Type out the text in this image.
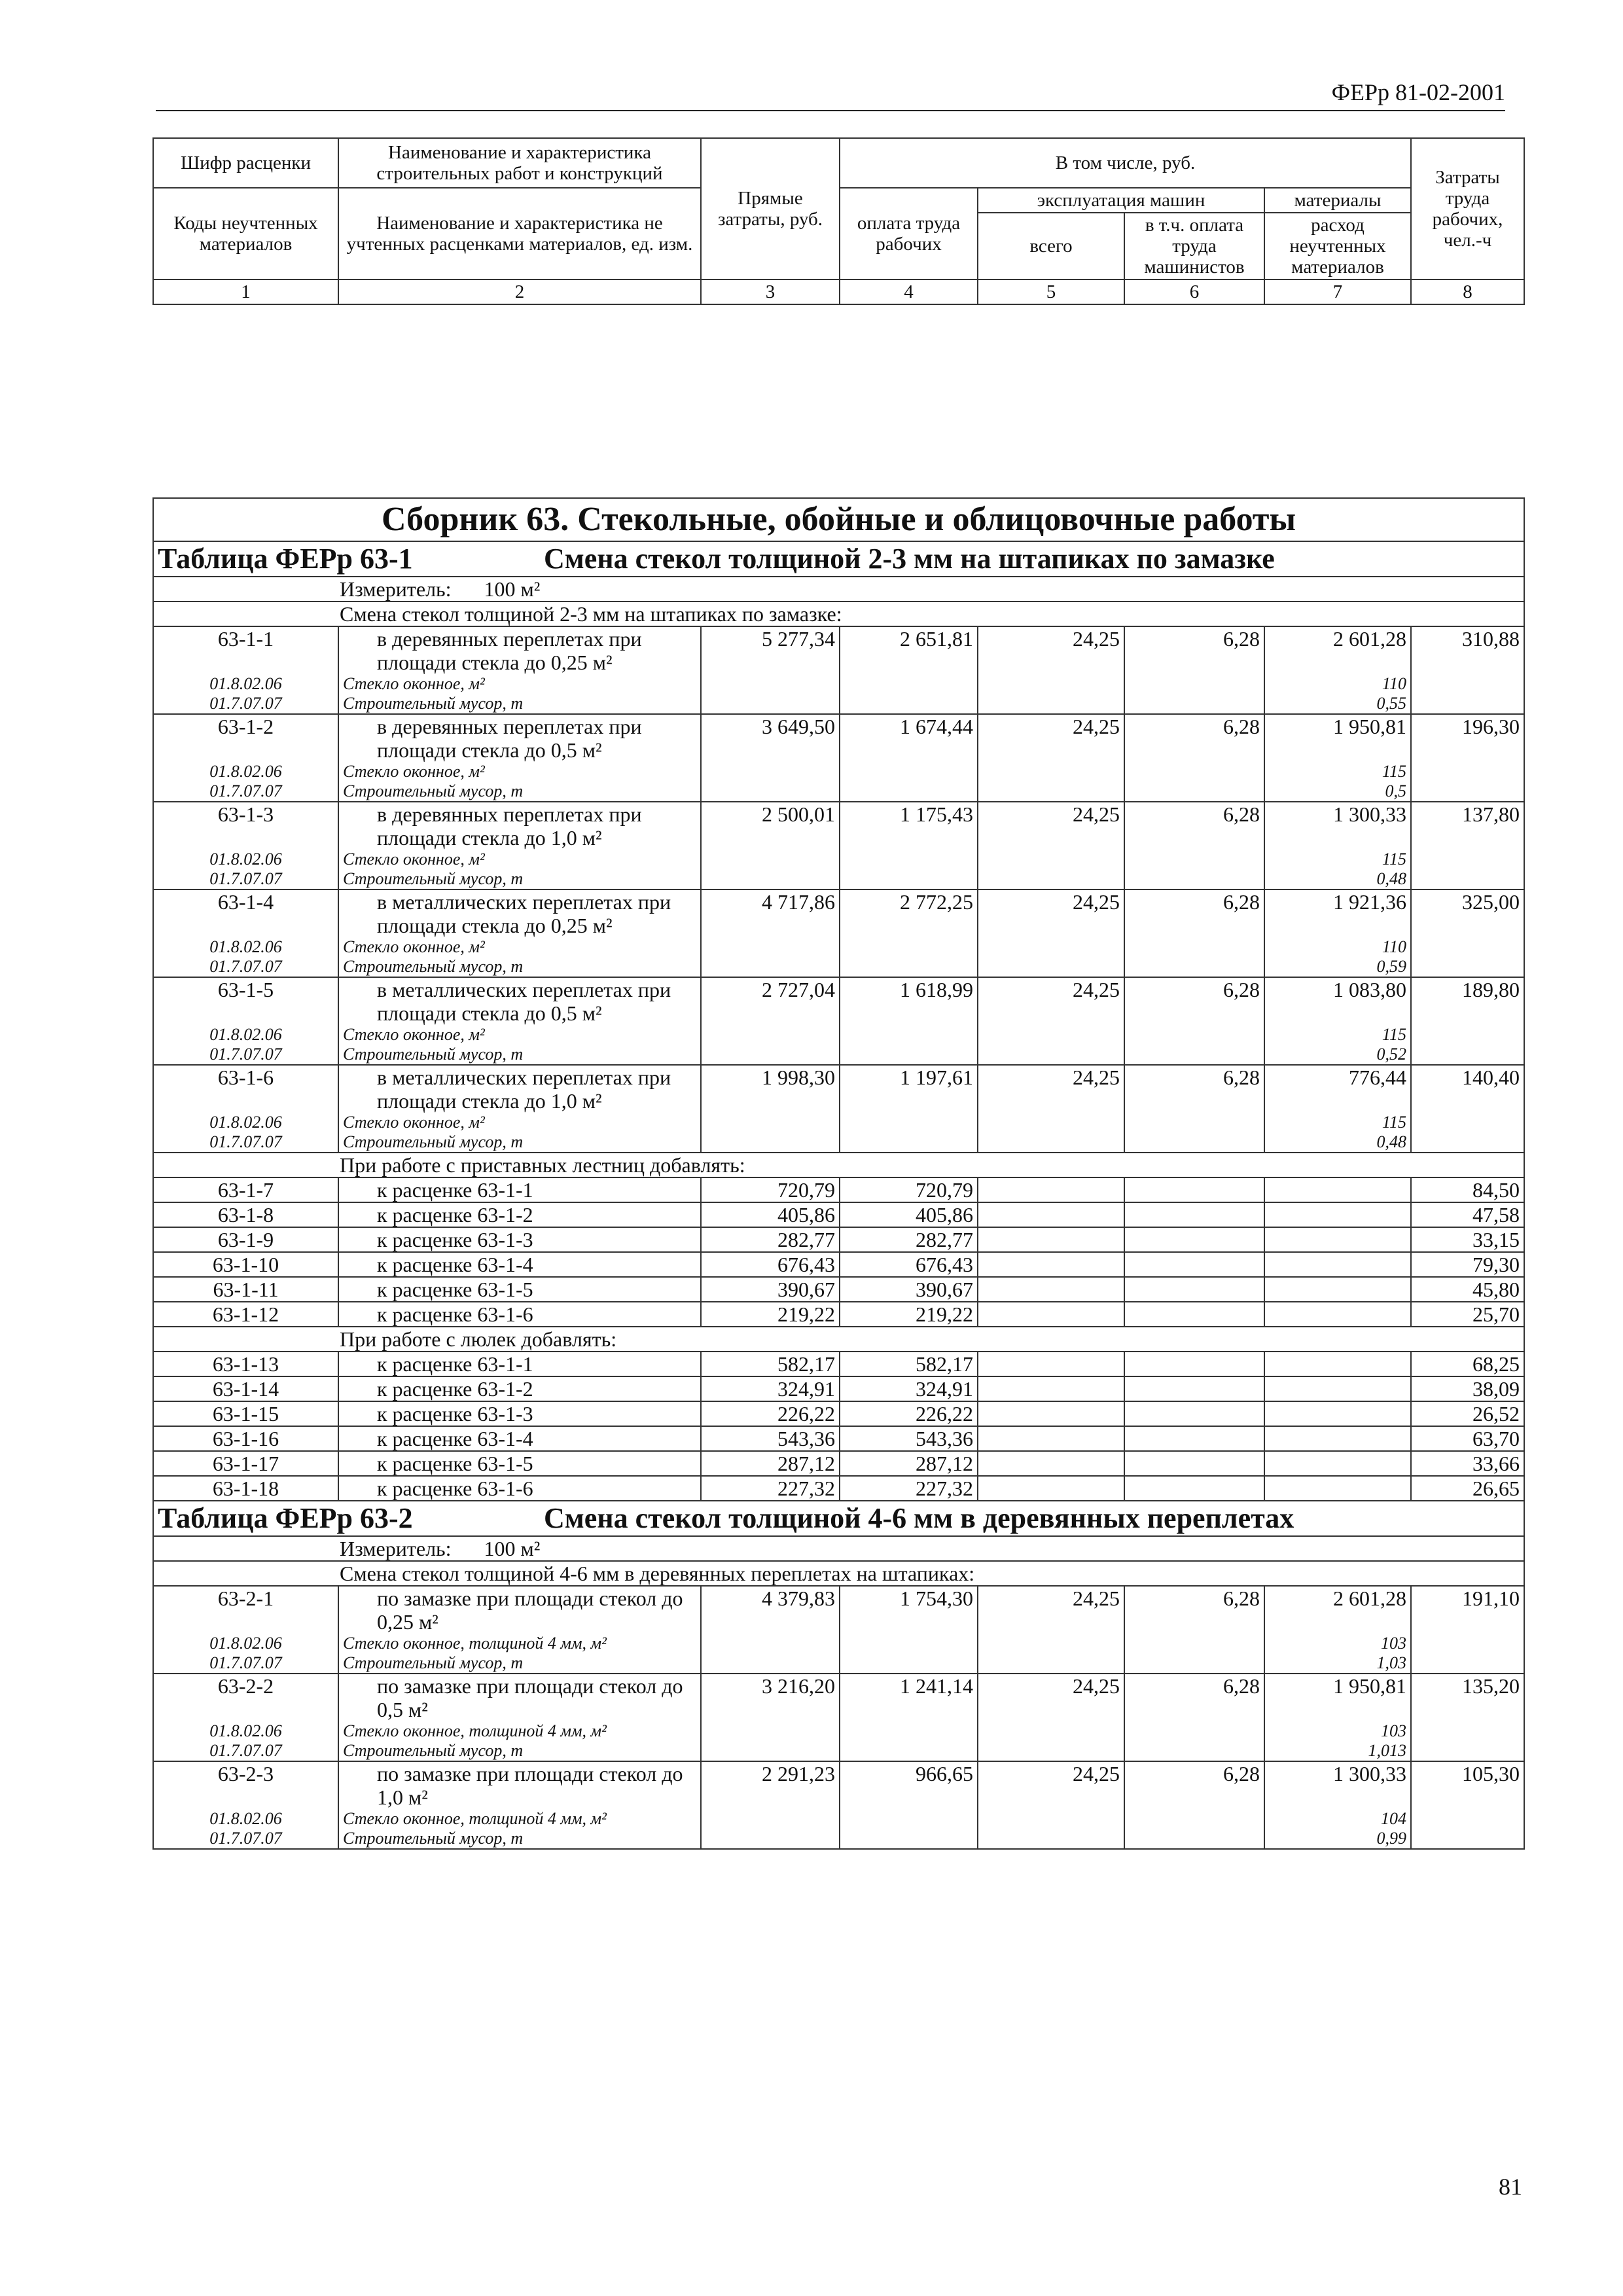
ФЕРр 81-02-2001
Шифр расценки	Наименование и характеристика строительных работ и конструкций	Прямые затраты, руб.	В том числе, руб.				Затраты труда рабочих, чел.-ч
Коды неучтенных материалов	Наименование и характеристика не учтенных расценками материалов, ед. изм.		оплата труда рабочих	эксплуатация машин		материалы	
				всего	в т.ч. оплата труда машинистов	расход неучтенных материалов	

1	2	3	4	5	6	7	8
Сборник 63. Стекольные, обойные и облицовочные работы							
Таблица ФЕРр 63-1 Смена стекол толщиной 2-3 мм на штапиках по замазке							
Измеритель: 100 м²							
Смена стекол толщиной 2-3 мм на штапиках по замазке:							
63-1-1	в деревянных переплетах при площади стекла до 0,25 м²	5 277,34	2 651,81	24,25	6,28	2 601,28	310,88
01.8.02.06	Стекло оконное, м²					110	
01.7.07.07	Строительный мусор, т					0,55	
63-1-2	в деревянных переплетах при площади стекла до 0,5 м²	3 649,50	1 674,44	24,25	6,28	1 950,81	196,30
01.8.02.06	Стекло оконное, м²					115	
01.7.07.07	Строительный мусор, т					0,5	
63-1-3	в деревянных переплетах при площади стекла до 1,0 м²	2 500,01	1 175,43	24,25	6,28	1 300,33	137,80
01.8.02.06	Стекло оконное, м²					115	
01.7.07.07	Строительный мусор, т					0,48	
63-1-4	в металлических переплетах при площади стекла до 0,25 м²	4 717,86	2 772,25	24,25	6,28	1 921,36	325,00
01.8.02.06	Стекло оконное, м²					110	
01.7.07.07	Строительный мусор, т					0,59	
63-1-5	в металлических переплетах при площади стекла до 0,5 м²	2 727,04	1 618,99	24,25	6,28	1 083,80	189,80
01.8.02.06	Стекло оконное, м²					115	
01.7.07.07	Строительный мусор, т					0,52	
63-1-6	в металлических переплетах при площади стекла до 1,0 м²	1 998,30	1 197,61	24,25	6,28	776,44	140,40
01.8.02.06	Стекло оконное, м²					115	
01.7.07.07	Строительный мусор, т					0,48	
При работе с приставных лестниц добавлять:							
63-1-7	к расценке 63-1-1	720,79	720,79				84,50
63-1-8	к расценке 63-1-2	405,86	405,86				47,58
63-1-9	к расценке 63-1-3	282,77	282,77				33,15
63-1-10	к расценке 63-1-4	676,43	676,43				79,30
63-1-11	к расценке 63-1-5	390,67	390,67				45,80
63-1-12	к расценке 63-1-6	219,22	219,22				25,70
При работе с люлек добавлять:							
63-1-13	к расценке 63-1-1	582,17	582,17				68,25
63-1-14	к расценке 63-1-2	324,91	324,91				38,09
63-1-15	к расценке 63-1-3	226,22	226,22				26,52
63-1-16	к расценке 63-1-4	543,36	543,36				63,70
63-1-17	к расценке 63-1-5	287,12	287,12				33,66
63-1-18	к расценке 63-1-6	227,32	227,32				26,65
Таблица ФЕРр 63-2 Смена стекол толщиной 4-6 мм в деревянных переплетах							
Измеритель: 100 м²							
Смена стекол толщиной 4-6 мм в деревянных переплетах на штапиках:							
63-2-1	по замазке при площади стекол до 0,25 м²	4 379,83	1 754,30	24,25	6,28	2 601,28	191,10
01.8.02.06	Стекло оконное, толщиной 4 мм, м²					103	
01.7.07.07	Строительный мусор, т					1,03	
63-2-2	по замазке при площади стекол до 0,5 м²	3 216,20	1 241,14	24,25	6,28	1 950,81	135,20
01.8.02.06	Стекло оконное, толщиной 4 мм, м²					103	
01.7.07.07	Строительный мусор, т					1,013	
63-2-3	по замазке при площади стекол до 1,0 м²	2 291,23	966,65	24,25	6,28	1 300,33	105,30
01.8.02.06	Стекло оконное, толщиной 4 мм, м²					104	
01.7.07.07	Строительный мусор, т					0,99	
81
